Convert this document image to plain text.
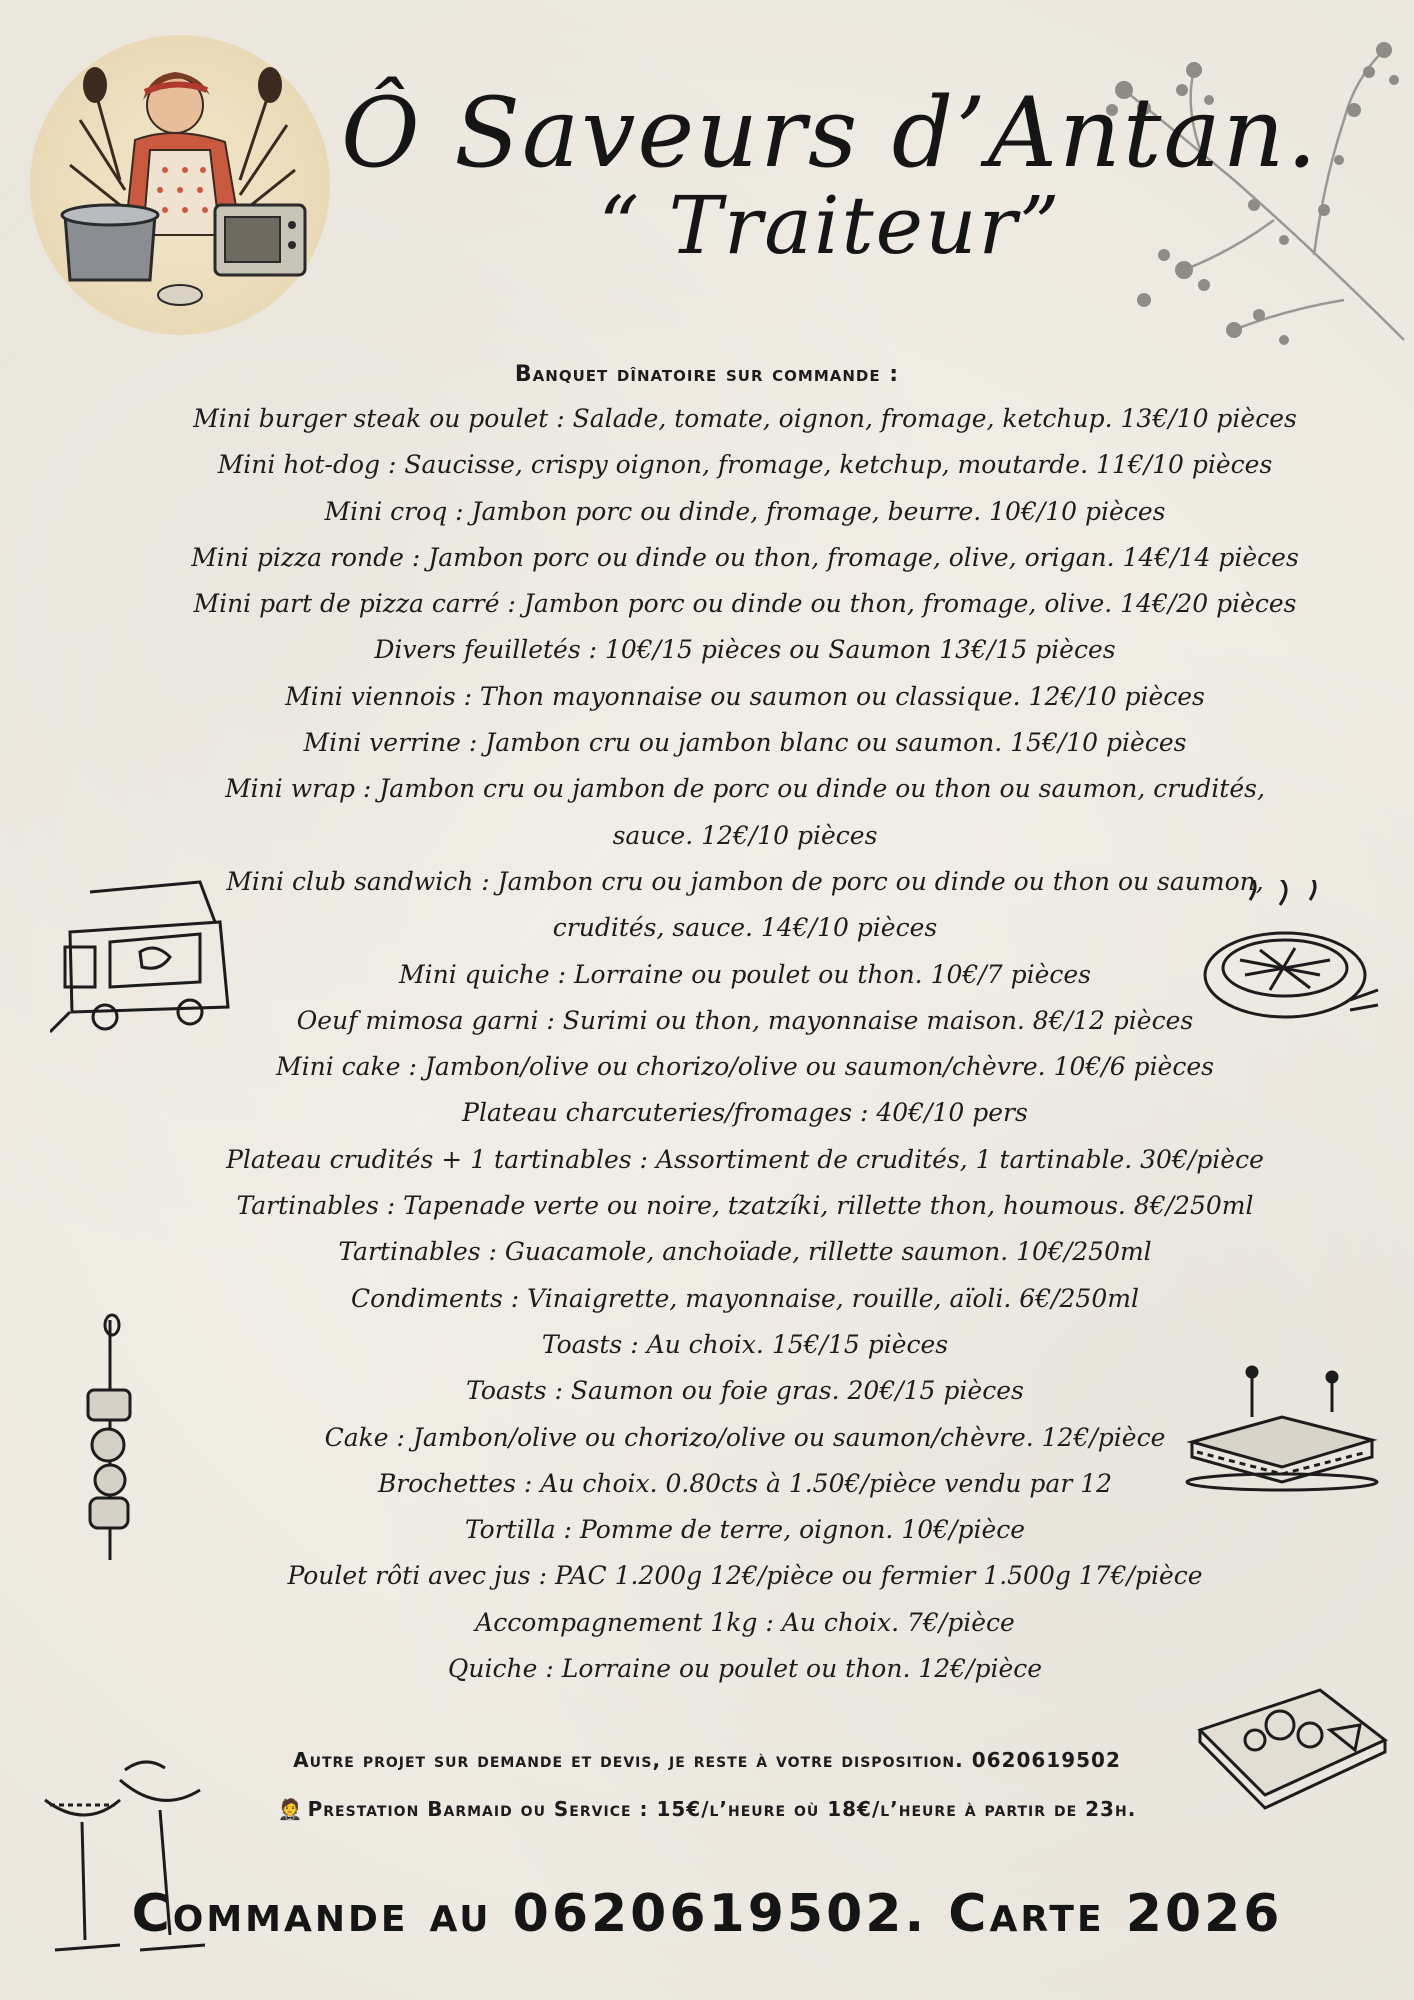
Ô Saveurs d’Antan.
“ Traiteur”
Banquet dînatoire sur commande :
Mini burger steak ou poulet : Salade, tomate, oignon, fromage, ketchup. 13€/10 pièces
Mini hot-dog : Saucisse, crispy oignon, fromage, ketchup, moutarde. 11€/10 pièces
Mini croq : Jambon porc ou dinde, fromage, beurre. 10€/10 pièces
Mini pizza ronde : Jambon porc ou dinde ou thon, fromage, olive, origan. 14€/14 pièces
Mini part de pizza carré : Jambon porc ou dinde ou thon, fromage, olive. 14€/20 pièces
Divers feuilletés : 10€/15 pièces ou Saumon 13€/15 pièces
Mini viennois : Thon mayonnaise ou saumon ou classique. 12€/10 pièces
Mini verrine : Jambon cru ou jambon blanc ou saumon. 15€/10 pièces
Mini wrap : Jambon cru ou jambon de porc ou dinde ou thon ou saumon, crudités,
sauce. 12€/10 pièces
Mini club sandwich : Jambon cru ou jambon de porc ou dinde ou thon ou saumon,
crudités, sauce. 14€/10 pièces
Mini quiche : Lorraine ou poulet ou thon. 10€/7 pièces
Oeuf mimosa garni : Surimi ou thon, mayonnaise maison. 8€/12 pièces
Mini cake : Jambon/olive ou chorizo/olive ou saumon/chèvre. 10€/6 pièces
Plateau charcuteries/fromages : 40€/10 pers
Plateau crudités + 1 tartinables : Assortiment de crudités, 1 tartinable. 30€/pièce
Tartinables : Tapenade verte ou noire, tzatzíki, rillette thon, houmous. 8€/250ml
Tartinables : Guacamole, anchoïade, rillette saumon. 10€/250ml
Condiments : Vinaigrette, mayonnaise, rouille, aïoli. 6€/250ml
Toasts : Au choix. 15€/15 pièces
Toasts : Saumon ou foie gras. 20€/15 pièces
Cake : Jambon/olive ou chorizo/olive ou saumon/chèvre. 12€/pièce
Brochettes : Au choix. 0.80cts à 1.50€/pièce vendu par 12
Tortilla : Pomme de terre, oignon. 10€/pièce
Poulet rôti avec jus : PAC 1.200g 12€/pièce ou fermier 1.500g 17€/pièce
Accompagnement 1kg : Au choix. 7€/pièce
Quiche : Lorraine ou poulet ou thon. 12€/pièce
Autre projet sur demande et devis, je reste à votre disposition. 0620619502
🤵 Prestation Barmaid ou Service : 15€/l’heure où 18€/l’heure à partir de 23h.
Commande au 0620619502. Carte 2026
